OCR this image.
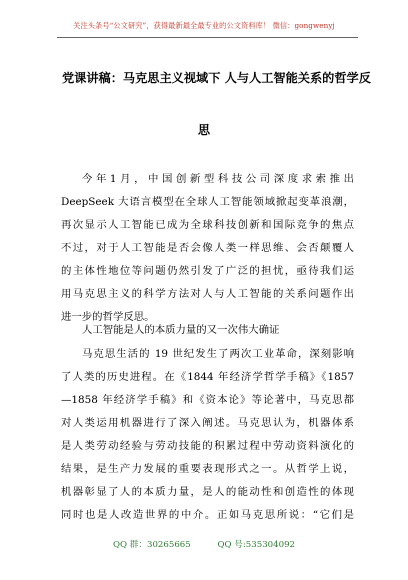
关注头条号“公文研究”，获得最新最全最专业的公文资料库！ 微信：gongwenyj
党课讲稿：马克思主义视域下 人与人工智能关系的哲学反
思
今年1月，中国创新型科技公司深度求索推出
DeepSeek 大语言模型在全球人工智能领域掀起变革浪潮，
再次显示人工智能已成为全球科技创新和国际竞争的焦点
不过，对于人工智能是否会像人类一样思维、会否颠覆人
的主体性地位等问题仍然引发了广泛的担忧，亟待我们运
用马克思主义的科学方法对人与人工智能的关系问题作出
进一步的哲学反思。
人工智能是人的本质力量的又一次伟大确证
马克思生活的 19 世纪发生了两次工业革命，深刻影响
了人类的历史进程。在《1844 年经济学哲学手稿》《1857
—1858 年经济学手稿》和《资本论》等论著中，马克思都
对人类运用机器进行了深入阐述。马克思认为，机器体系
是人类劳动经验与劳动技能的积累过程中劳动资料演化的
结果，是生产力发展的重要表现形式之一。从哲学上说，
机器彰显了人的本质力量，是人的能动性和创造性的体现
同时也是人改造世界的中介。正如马克思所说：“它们是
QQ 群：30265665	QQ 号:535304092
